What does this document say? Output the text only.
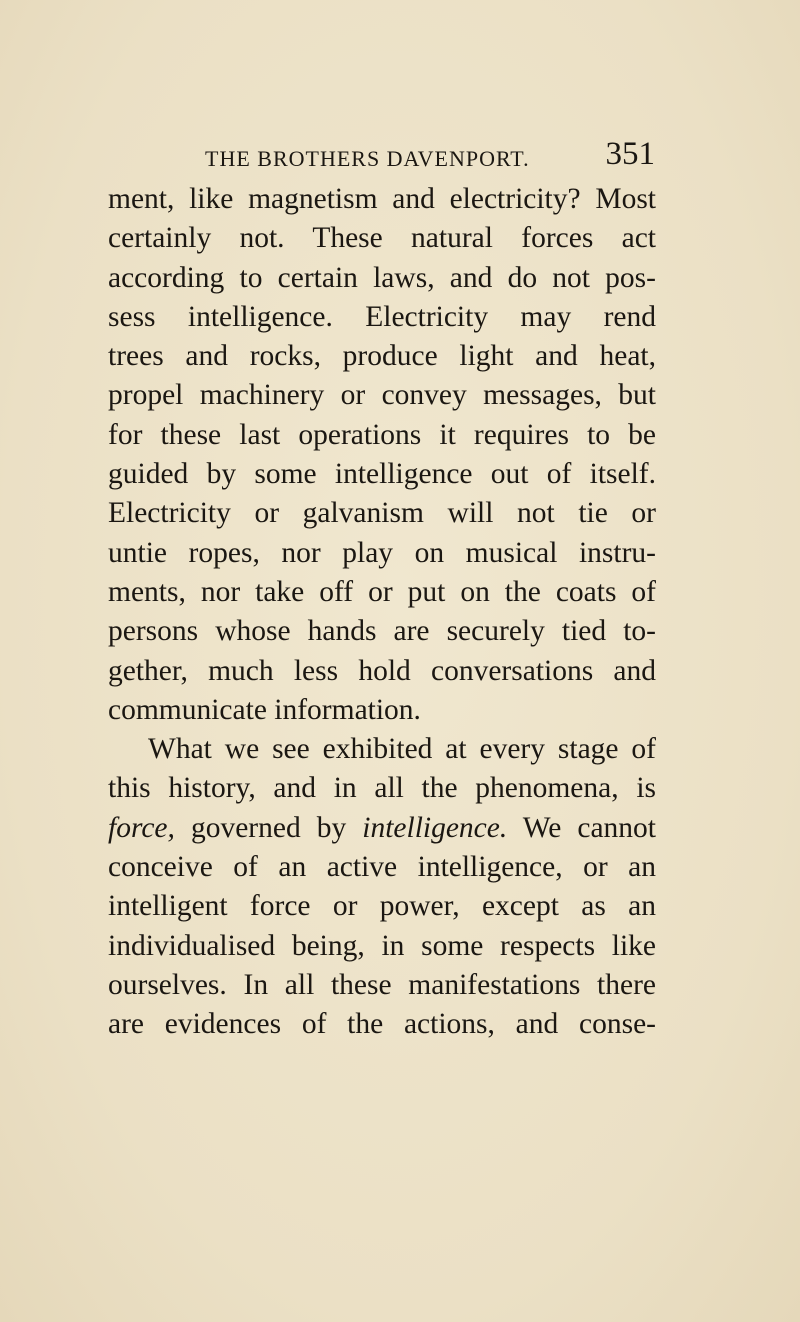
THE BROTHERS DAVENPORT. 351
ment, like magnetism and electricity? Most
certainly not. These natural forces act
according to certain laws, and do not pos-
sess intelligence. Electricity may rend
trees and rocks, produce light and heat,
propel machinery or convey messages, but
for these last operations it requires to be
guided by some intelligence out of itself.
Electricity or galvanism will not tie or
untie ropes, nor play on musical instru-
ments, nor take off or put on the coats of
persons whose hands are securely tied to-
gether, much less hold conversations and
communicate information.
What we see exhibited at every stage of
this history, and in all the phenomena, is
force, governed by intelligence. We cannot
conceive of an active intelligence, or an
intelligent force or power, except as an
individualised being, in some respects like
ourselves. In all these manifestations there
are evidences of the actions, and conse-
